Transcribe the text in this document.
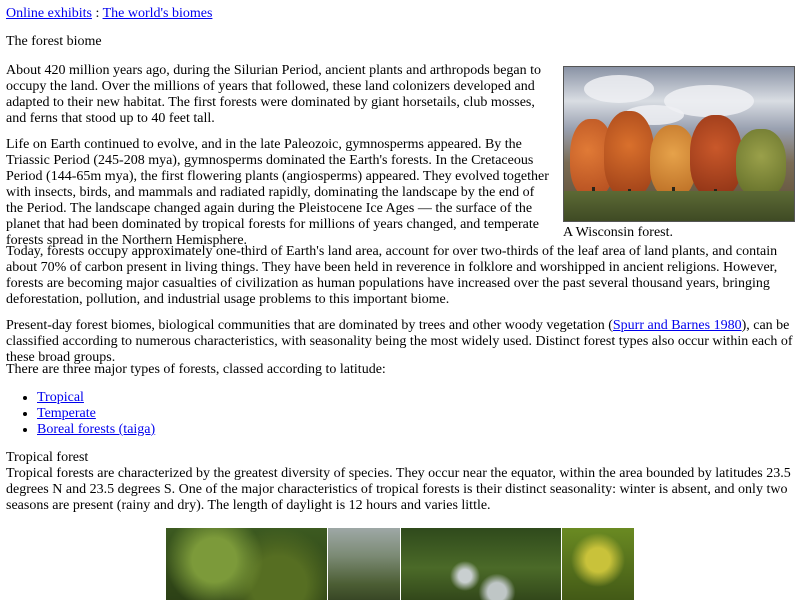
Online exhibits : The world's biomes
The forest biome

About 420 million years ago, during the Silurian Period, ancient plants and arthropods began to occupy the land. Over the millions of years that followed, these land colonizers developed and adapted to their new habitat. The first forests were dominated by giant horsetails, club mosses, and ferns that stood up to 40 feet tall.

Life on Earth continued to evolve, and in the late Paleozoic, gymnosperms appeared. By the Triassic Period (245-208 mya), gymnosperms dominated the Earth's forests. In the Cretaceous Period (144-65m mya), the first flowering plants (angiosperms) appeared. They evolved together with insects, birds, and mammals and radiated rapidly, dominating the landscape by the end of the Period. The landscape changed again during the Pleistocene Ice Ages — the surface of the planet that had been dominated by tropical forests for millions of years changed, and temperate forests spread in the Northern Hemisphere.

A Wisconsin forest.

Today, forests occupy approximately one-third of Earth's land area, account for over two-thirds of the leaf area of land plants, and contain about 70% of carbon present in living things. They have been held in reverence in folklore and worshipped in ancient religions. However, forests are becoming major casualties of civilization as human populations have increased over the past several thousand years, bringing deforestation, pollution, and industrial usage problems to this important biome.

Present-day forest biomes, biological communities that are dominated by trees and other woody vegetation (Spurr and Barnes 1980), can be classified according to numerous characteristics, with seasonality being the most widely used. Distinct forest types also occur within each of these broad groups.

There are three major types of forests, classed according to latitude:

• Tropical
• Temperate
• Boreal forests (taiga)
Tropical forest

Tropical forests are characterized by the greatest diversity of species. They occur near the equator, within the area bounded by latitudes 23.5 degrees N and 23.5 degrees S. One of the major characteristics of tropical forests is their distinct seasonality: winter is absent, and only two seasons are present (rainy and dry). The length of daylight is 12 hours and varies little.
